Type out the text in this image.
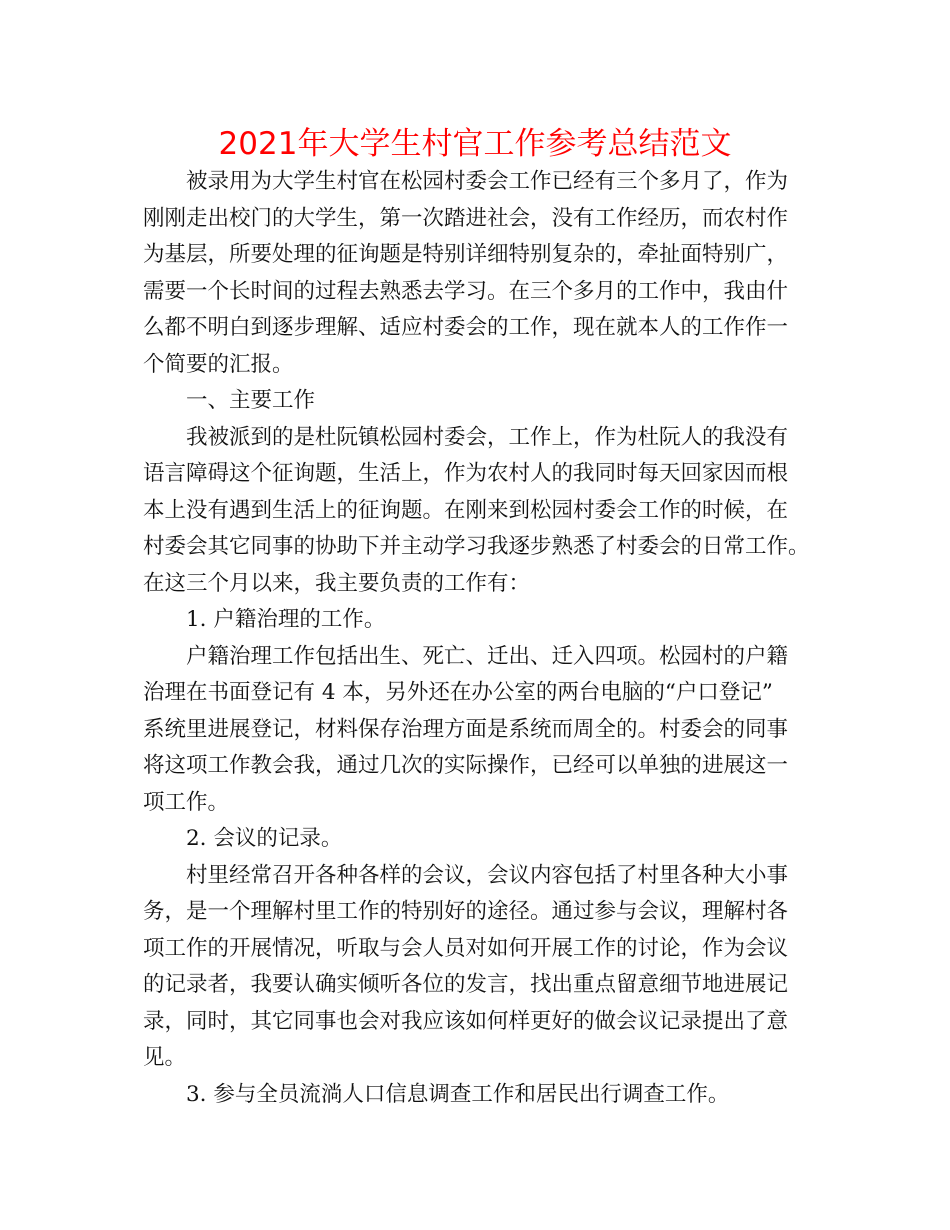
2021年大学生村官工作参考总结范文
被录用为大学生村官在松园村委会工作已经有三个多月了，作为
刚刚走出校门的大学生，第一次踏进社会，没有工作经历，而农村作
为基层，所要处理的征询题是特别详细特别复杂的，牵扯面特别广，
需要一个长时间的过程去熟悉去学习。在三个多月的工作中，我由什
么都不明白到逐步理解、适应村委会的工作，现在就本人的工作作一
个简要的汇报。
一、主要工作
我被派到的是杜阮镇松园村委会，工作上，作为杜阮人的我没有
语言障碍这个征询题，生活上，作为农村人的我同时每天回家因而根
本上没有遇到生活上的征询题。在刚来到松园村委会工作的时候，在
村委会其它同事的协助下并主动学习我逐步熟悉了村委会的日常工作。
在这三个月以来，我主要负责的工作有：
1. 户籍治理的工作。
户籍治理工作包括出生、死亡、迁出、迁入四项。松园村的户籍
治理在书面登记有 4 本，另外还在办公室的两台电脑的“户口登记”
系统里进展登记，材料保存治理方面是系统而周全的。村委会的同事
将这项工作教会我，通过几次的实际操作，已经可以单独的进展这一
项工作。
2. 会议的记录。
村里经常召开各种各样的会议，会议内容包括了村里各种大小事
务，是一个理解村里工作的特别好的途径。通过参与会议，理解村各
项工作的开展情况，听取与会人员对如何开展工作的讨论，作为会议
的记录者，我要认确实倾听各位的发言，找出重点留意细节地进展记
录，同时，其它同事也会对我应该如何样更好的做会议记录提出了意
见。
3. 参与全员流淌人口信息调查工作和居民出行调查工作。
